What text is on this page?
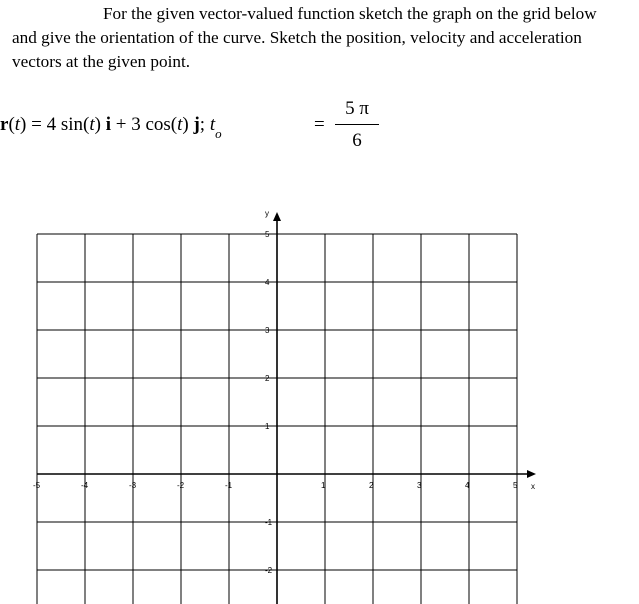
For the given vector-valued function sketch the graph on the grid below
and give the orientation of the curve. Sketch the position, velocity and acceleration
vectors at the given point.
r(t) = 4 sin(t) i + 3 cos(t) j; $t_o$	=
5 π
6
x
y
-5	-4	-3	-2	-1	1	2	3	4	5
5
4
3
2
1
-1
-2
